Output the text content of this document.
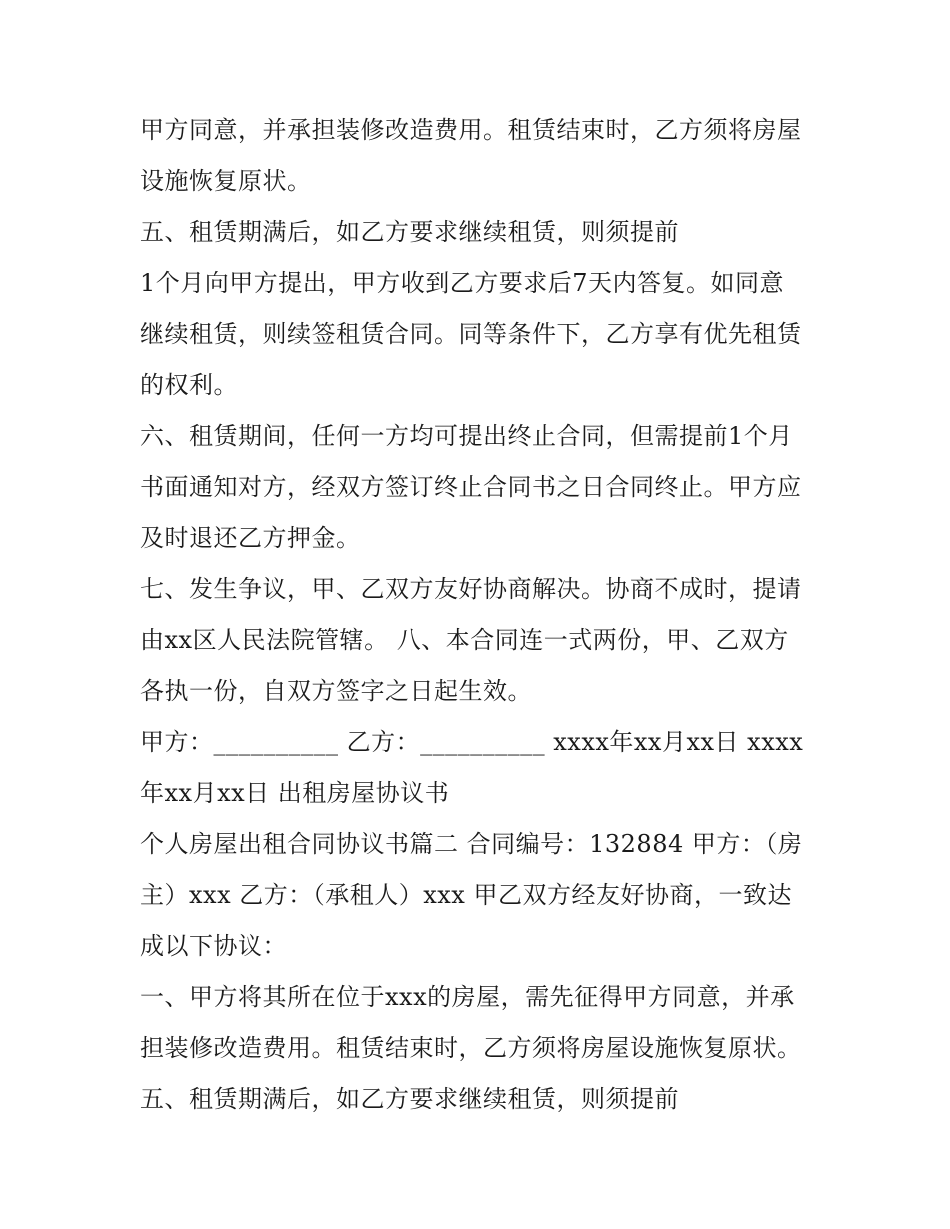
甲方同意，并承担装修改造费用。租赁结束时，乙方须将房屋
设施恢复原状。
五、租赁期满后，如乙方要求继续租赁，则须提前
1个月向甲方提出，甲方收到乙方要求后7天内答复。如同意
继续租赁，则续签租赁合同。同等条件下，乙方享有优先租赁
的权利。
六、租赁期间，任何一方均可提出终止合同，但需提前1个月
书面通知对方，经双方签订终止合同书之日合同终止。甲方应
及时退还乙方押金。
七、发生争议，甲、乙双方友好协商解决。协商不成时，提请
由xx区人民法院管辖。 八、本合同连一式两份，甲、乙双方
各执一份，自双方签字之日起生效。
甲方：__________ 乙方：__________ xxxx年xx月xx日 xxxx
年xx月xx日 出租房屋协议书
个人房屋出租合同协议书篇二 合同编号：132884 甲方：（房
主）xxx 乙方：（承租人）xxx 甲乙双方经友好协商，一致达
成以下协议：
一、甲方将其所在位于xxx的房屋，需先征得甲方同意，并承
担装修改造费用。租赁结束时，乙方须将房屋设施恢复原状。
五、租赁期满后，如乙方要求继续租赁，则须提前
